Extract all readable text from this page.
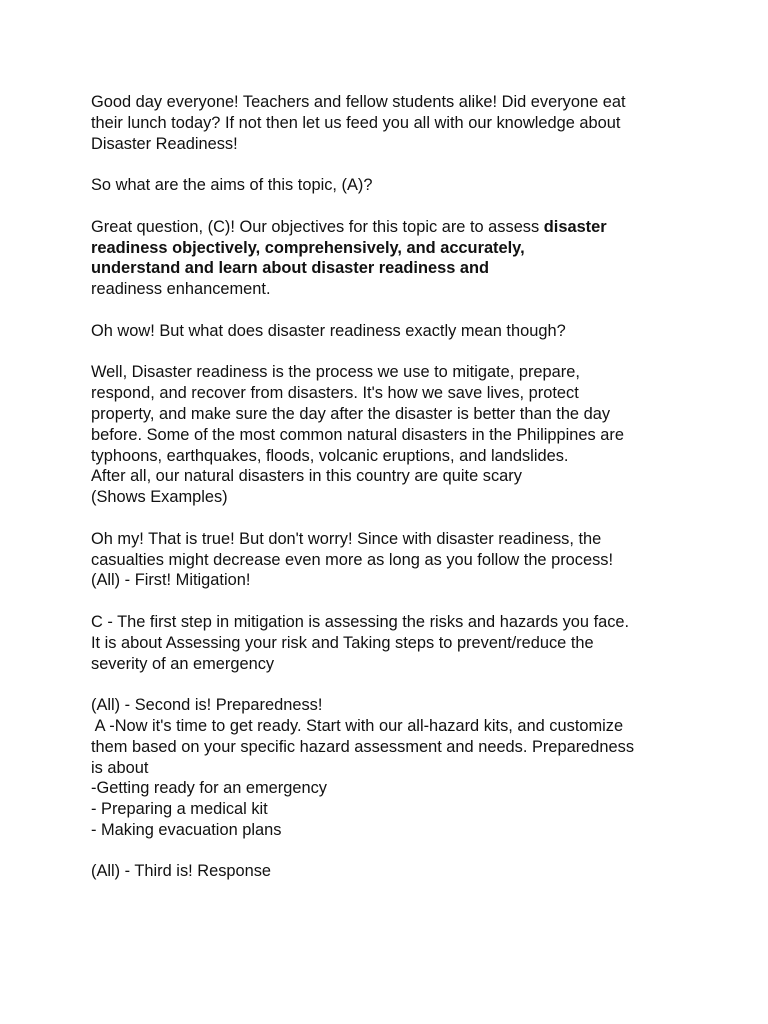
Good day everyone! Teachers and fellow students alike! Did everyone eat

their lunch today? If not then let us feed you all with our knowledge about

Disaster Readiness!

So what are the aims of this topic, (A)?

Great question, (C)! Our objectives for this topic are to assess disaster

readiness objectively, comprehensively, and accurately,

understand and learn about disaster readiness and

readiness enhancement.

Oh wow! But what does disaster readiness exactly mean though?

Well, Disaster readiness is the process we use to mitigate, prepare,

respond, and recover from disasters. It's how we save lives, protect

property, and make sure the day after the disaster is better than the day

before. Some of the most common natural disasters in the Philippines are

typhoons, earthquakes, floods, volcanic eruptions, and landslides.

After all, our natural disasters in this country are quite scary

(Shows Examples)

Oh my! That is true! But don't worry! Since with disaster readiness, the

casualties might decrease even more as long as you follow the process!

(All) - First! Mitigation!

C - The first step in mitigation is assessing the risks and hazards you face.

It is about Assessing your risk and Taking steps to prevent/reduce the

severity of an emergency

(All) - Second is! Preparedness!

A -Now it's time to get ready. Start with our all-hazard kits, and customize

them based on your specific hazard assessment and needs. Preparedness

is about

-Getting ready for an emergency

- Preparing a medical kit

- Making evacuation plans

(All) - Third is! Response
